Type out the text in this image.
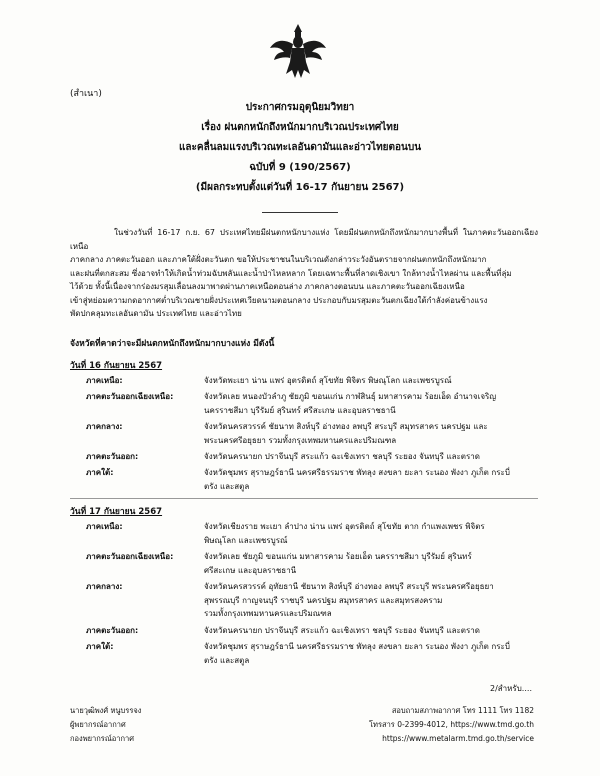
(สำเนา)
ประกาศกรมอุตุนิยมวิทยา
เรื่อง ฝนตกหนักถึงหนักมากบริเวณประเทศไทย
และคลื่นลมแรงบริเวณทะเลอันดามันและอ่าวไทยตอนบน
ฉบับที่ 9 (190/2567)
(มีผลกระทบตั้งแต่วันที่ 16-17 กันยายน 2567)
ในช่วงวันที่ 16-17 ก.ย. 67 ประเทศไทยมีฝนตกหนักบางแห่ง โดยมีฝนตกหนักถึงหนักมากบางพื้นที่ ในภาคตะวันออกเฉียงเหนือ
ภาคกลาง ภาคตะวันออก และภาคใต้ฝั่งตะวันตก ขอให้ประชาชนในบริเวณดังกล่าวระวังอันตรายจากฝนตกหนักถึงหนักมาก
และฝนที่ตกสะสม ซึ่งอาจทำให้เกิดน้ำท่วมฉับพลันและน้ำป่าไหลหลาก โดยเฉพาะพื้นที่ลาดเชิงเขา ใกล้ทางน้ำไหลผ่าน และพื้นที่ลุ่ม
ไว้ด้วย ทั้งนี้เนื่องจากร่องมรสุมเลื่อนลงมาพาดผ่านภาคเหนือตอนล่าง ภาคกลางตอนบน และภาคตะวันออกเฉียงเหนือ
เข้าสู่หย่อมความกดอากาศต่ำบริเวณชายฝั่งประเทศเวียดนามตอนกลาง ประกอบกับมรสุมตะวันตกเฉียงใต้กำลังค่อนข้างแรง
พัดปกคลุมทะเลอันดามัน ประเทศไทย และอ่าวไทย
จังหวัดที่คาดว่าจะมีฝนตกหนักถึงหนักมากบางแห่ง มีดังนี้
วันที่ 16 กันยายน 2567
ภาคเหนือ:	จังหวัดพะเยา น่าน แพร่ อุตรดิตถ์ สุโขทัย พิจิตร พิษณุโลก และเพชรบูรณ์
ภาคตะวันออกเฉียงเหนือ:	จังหวัดเลย หนองบัวลำภู ชัยภูมิ ขอนแก่น กาฬสินธุ์ มหาสารคาม ร้อยเอ็ด อำนาจเจริญ
นครราชสีมา บุรีรัมย์ สุรินทร์ ศรีสะเกษ และอุบลราชธานี
ภาคกลาง:	จังหวัดนครสวรรค์ ชัยนาท สิงห์บุรี อ่างทอง ลพบุรี สระบุรี สมุทรสาคร นครปฐม และ
พระนครศรีอยุธยา รวมทั้งกรุงเทพมหานครและปริมณฑล
ภาคตะวันออก:	จังหวัดนครนายก ปราจีนบุรี สระแก้ว ฉะเชิงเทรา ชลบุรี ระยอง จันทบุรี และตราด
ภาคใต้:	จังหวัดชุมพร สุราษฎร์ธานี นครศรีธรรมราช พัทลุง สงขลา ยะลา ระนอง พังงา ภูเก็ต กระบี่
ตรัง และสตูล
วันที่ 17 กันยายน 2567
ภาคเหนือ:	จังหวัดเชียงราย พะเยา ลำปาง น่าน แพร่ อุตรดิตถ์ สุโขทัย ตาก กำแพงเพชร พิจิตร
พิษณุโลก และเพชรบูรณ์
ภาคตะวันออกเฉียงเหนือ:	จังหวัดเลย ชัยภูมิ ขอนแก่น มหาสารคาม ร้อยเอ็ด นครราชสีมา บุรีรัมย์ สุรินทร์
ศรีสะเกษ และอุบลราชธานี
ภาคกลาง:	จังหวัดนครสวรรค์ อุทัยธานี ชัยนาท สิงห์บุรี อ่างทอง ลพบุรี สระบุรี พระนครศรีอยุธยา
สุพรรณบุรี กาญจนบุรี ราชบุรี นครปฐม สมุทรสาคร และสมุทรสงคราม
รวมทั้งกรุงเทพมหานครและปริมณฑล
ภาคตะวันออก:	จังหวัดนครนายก ปราจีนบุรี สระแก้ว ฉะเชิงเทรา ชลบุรี ระยอง จันทบุรี และตราด
ภาคใต้:	จังหวัดชุมพร สุราษฎร์ธานี นครศรีธรรมราช พัทลุง สงขลา ยะลา ระนอง พังงา ภูเก็ต กระบี่
ตรัง และสตูล
2/สำหรับ....
นายวุฒิพงศ์ หนูบรรจง
ผู้พยากรณ์อากาศ
กองพยากรณ์อากาศ
สอบถามสภาพอากาศ โทร 1111 โทร 1182
โทรสาร 0-2399-4012, https://www.tmd.go.th
https://www.metalarm.tmd.go.th/service
